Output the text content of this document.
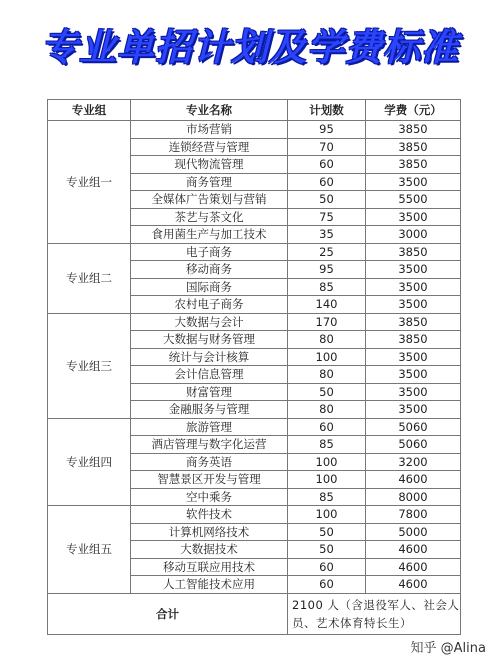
专业单招计划及学费标准
专业组	专业名称	计划数	学费（元）
专业组一	市场营销	95	3850
	连锁经营与管理	70	3850
	现代物流管理	60	3850
	商务管理	60	3500
	全媒体广告策划与营销	50	5500
	茶艺与茶文化	75	3500
	食用菌生产与加工技术	35	3000
专业组二	电子商务	25	3850
	移动商务	95	3500
	国际商务	85	3500
	农村电子商务	140	3500
专业组三	大数据与会计	170	3850
	大数据与财务管理	80	3850
	统计与会计核算	100	3500
	会计信息管理	80	3500
	财富管理	50	3500
	金融服务与管理	80	3500
专业组四	旅游管理	60	5060
	酒店管理与数字化运营	85	5060
	商务英语	100	3200
	智慧景区开发与管理	100	4600
	空中乘务	85	8000
专业组五	软件技术	100	7800
	计算机网络技术	50	5000
	大数据技术	50	4600
	移动互联应用技术	60	4600
	人工智能技术应用	60	4600
合计		2100 人（含退役军人、社会人员、艺术体育特长生）	
知乎 @Alina
